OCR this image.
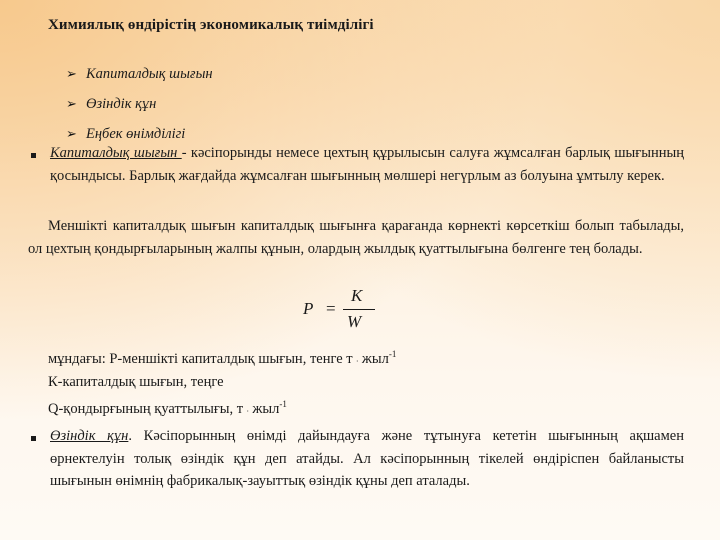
Химиялық өндірістің экономикалық тиімділігі
➢ Капиталдық шығын
➢ Өзіндік құн
➢ Еңбек өнімділігі
Капиталдық шығын - кәсіпорынды немесе цехтың құрылысын салуға жұмсалған барлық шығынның қосындысы. Барлық жағдайда жұмсалған шығынның мөлшері негүрлым аз болуына ұмтылу керек.
Меншікті капиталдық шығын капиталдық шығынға қарағанда көрнекті көрсеткіш болып табылады, ол цехтың қондырғыларының жалпы құнын, олардың жылдық қуаттылығына бөлгенге тең болады.
P =
K
W
мұндағы: Р-меншікті капиталдық шығын, тенге т . жыл$^{-1}$
К-капиталдық шығын, теңге
Q-қондырғының қуаттылығы, т . жыл$^{-1}$
Өзіндік құн. Кәсіпорынның өнімді дайындауға және тұтынуға кететін шығынның ақшамен өрнектелуін толық өзіндік құн деп атайды. Ал кәсіпорынның тікелей өндіріспен байланысты шығынын өнімнің фабрикалық-зауыттық өзіндік құны деп аталады.
